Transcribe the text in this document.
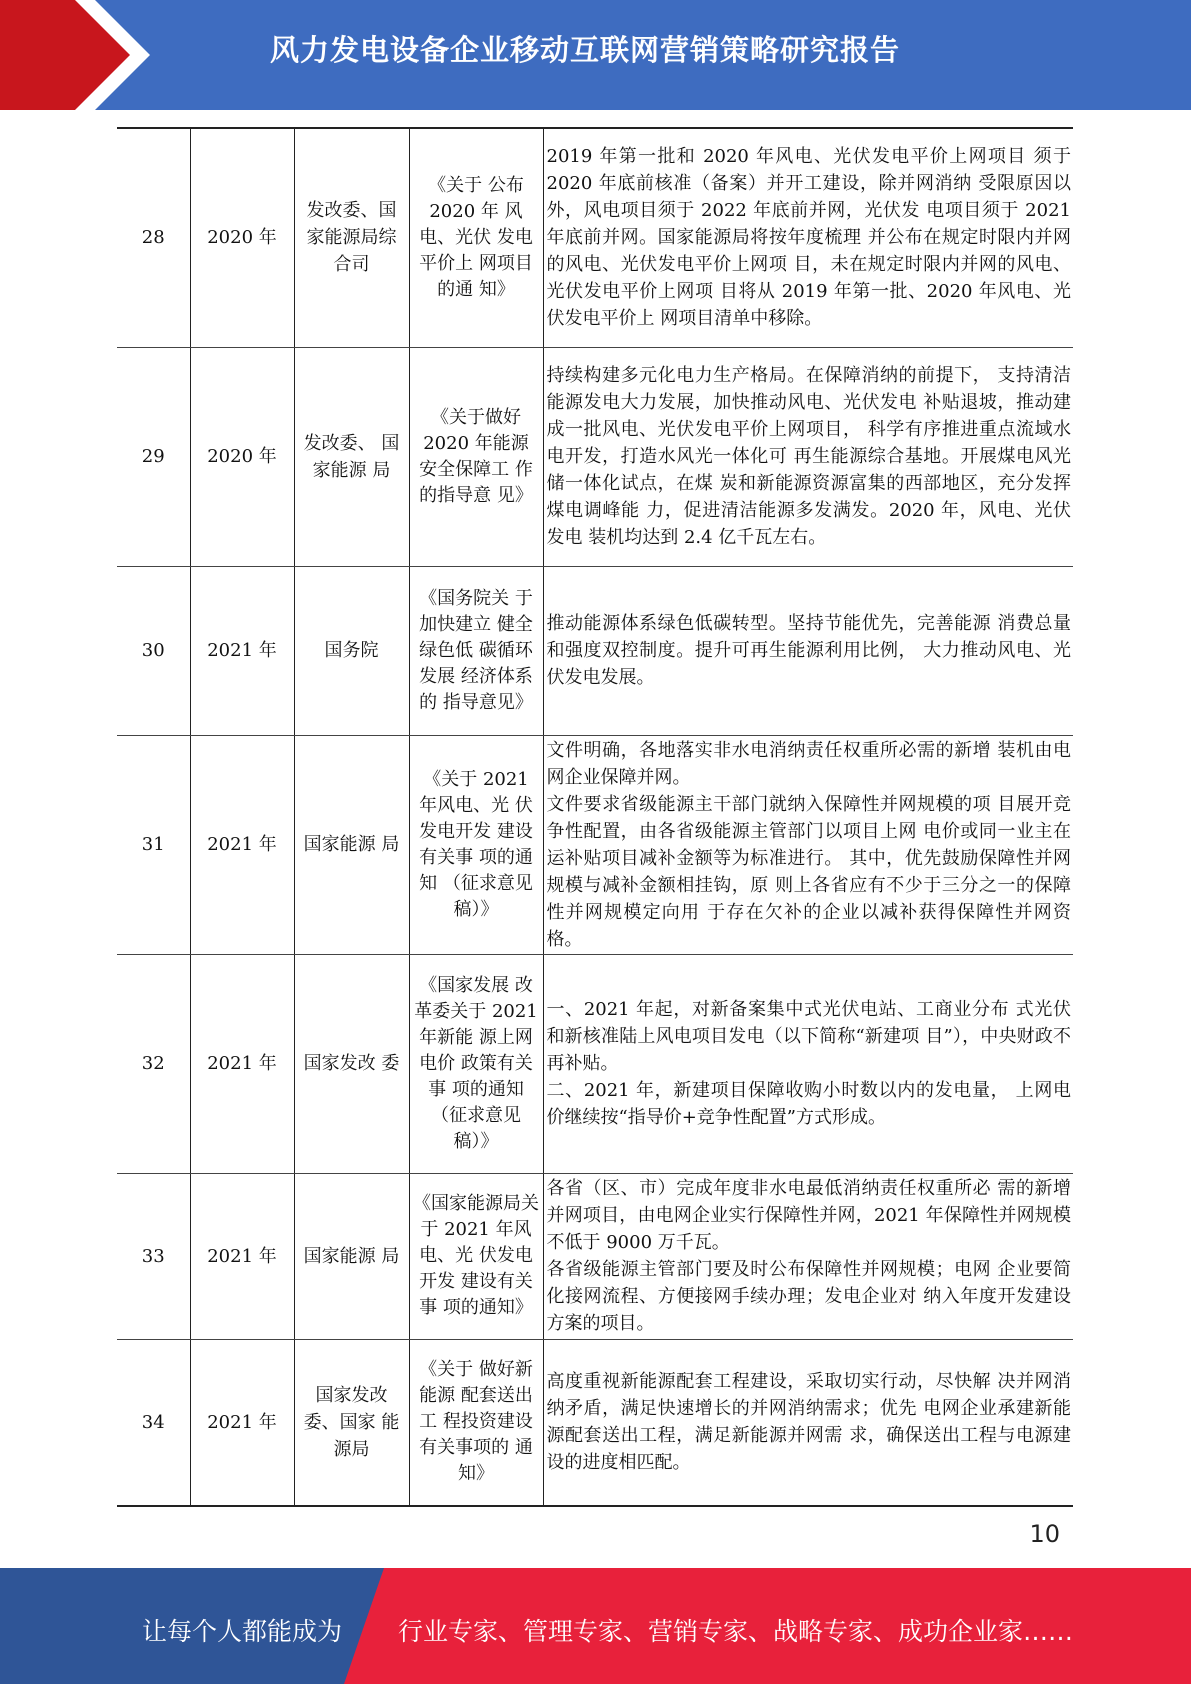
风力发电设备企业移动互联网营销策略研究报告
28	2020 年	发改委、国家能源局综合司	《关于 公布 2020 年 风电、光伏 发电平价上 网项目的通 知》	2019 年第一批和 2020 年风电、光伏发电平价上网项目 须于 2020 年底前核准（备案）并开工建设，除并网消纳 受限原因以外，风电项目须于 2022 年底前并网，光伏发 电项目须于 2021 年底前并网。国家能源局将按年度梳理 并公布在规定时限内并网的风电、光伏发电平价上网项 目，未在规定时限内并网的风电、光伏发电平价上网项 目将从 2019 年第一批、2020 年风电、光伏发电平价上 网项目清单中移除。
29	2020 年	发改委、 国家能源 局	《关于做好 2020 年能源 安全保障工 作的指导意 见》	持续构建多元化电力生产格局。在保障消纳的前提下， 支持清洁能源发电大力发展，加快推动风电、光伏发电 补贴退坡，推动建成一批风电、光伏发电平价上网项目， 科学有序推进重点流域水电开发，打造水风光一体化可 再生能源综合基地。开展煤电风光储一体化试点，在煤 炭和新能源资源富集的西部地区，充分发挥煤电调峰能 力，促进清洁能源多发满发。2020 年，风电、光伏发电 装机均达到 2.4 亿千瓦左右。
30	2021 年	国务院	《国务院关 于加快建立 健全绿色低 碳循环发展 经济体系的 指导意见》	推动能源体系绿色低碳转型。坚持节能优先，完善能源 消费总量和强度双控制度。提升可再生能源利用比例， 大力推动风电、光伏发电发展。
31	2021 年	国家能源 局	《关于 2021 年风电、光 伏发电开发 建设有关事 项的通知 （征求意见 稿）》	文件明确，各地落实非水电消纳责任权重所必需的新增 装机由电网企业保障并网。
文件要求省级能源主干部门就纳入保障性并网规模的项 目展开竞争性配置，由各省级能源主管部门以项目上网 电价或同一业主在运补贴项目减补金额等为标准进行。 其中，优先鼓励保障性并网规模与减补金额相挂钩，原 则上各省应有不少于三分之一的保障性并网规模定向用 于存在欠补的企业以减补获得保障性并网资格。

32	2021 年	国家发改 委	《国家发展 改革委关于 2021 年新能 源上网电价 政策有关事 项的通知 （征求意见 稿）》	一、2021 年起，对新备案集中式光伏电站、工商业分布 式光伏和新核准陆上风电项目发电（以下简称“新建项 目”），中央财政不再补贴。
二、2021 年，新建项目保障收购小时数以内的发电量， 上网电价继续按“指导价+竞争性配置”方式形成。

33	2021 年	国家能源 局	《国家能源局关于 2021 年风电、光 伏发电开发 建设有关事 项的通知》	各省（区、市）完成年度非水电最低消纳责任权重所必 需的新增并网项目，由电网企业实行保障性并网，2021 年保障性并网规模不低于 9000 万千瓦。
各省级能源主管部门要及时公布保障性并网规模；电网 企业要简化接网流程、方便接网手续办理；发电企业对 纳入年度开发建设方案的项目。

34	2021 年	国家发改委、国家 能源局	《关于 做好新能源 配套送出工 程投资建设 有关事项的 通知》	高度重视新能源配套工程建设，采取切实行动，尽快解 决并网消纳矛盾，满足快速增长的并网消纳需求；优先 电网企业承建新能源配套送出工程，满足新能源并网需 求，确保送出工程与电源建设的进度相匹配。
10
让每个人都能成为 行业专家、管理专家、营销专家、战略专家、成功企业家……
